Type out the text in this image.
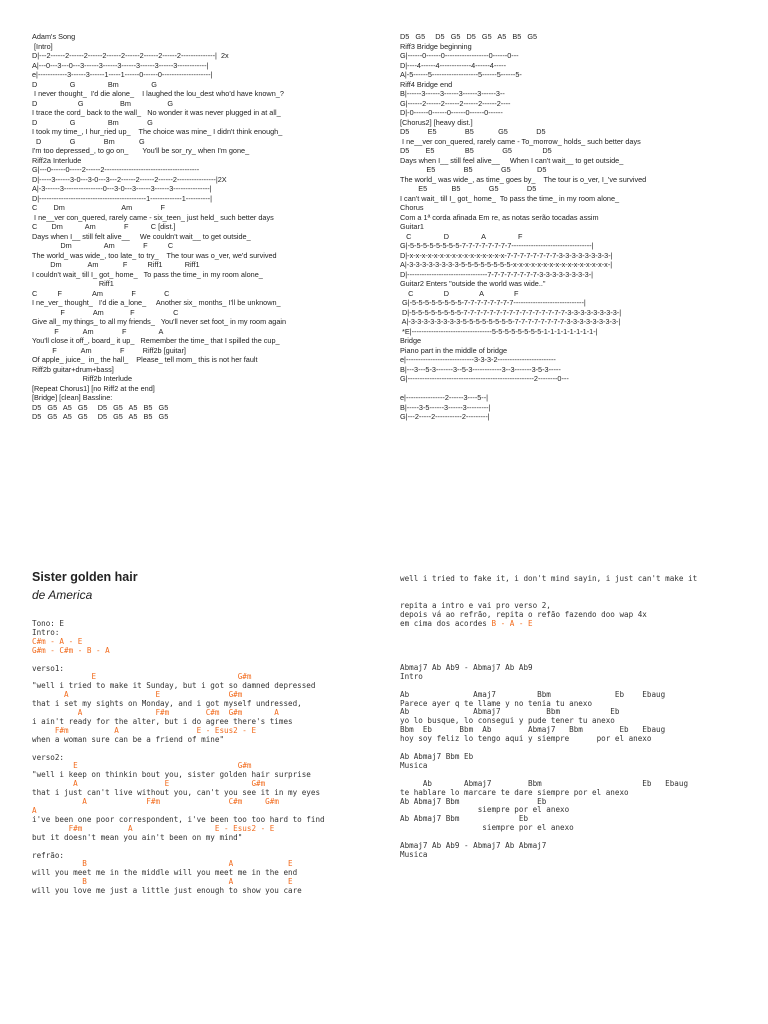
Adam's Song
[Intro]
D|---2------2------2------2------2------2------2------2--------------|  2x
A|---0---3---0---3------3------3------3------3------3------------|
e|------------3------3------1-----1------0------0--------------------|
D                G                Bm                G
I never thought_  I'd die alone_    I laughed the lou_dest who'd have known_?
D                    G                  Bm                  G
I trace the cord_ back to the wall_   No wonder it was never plugged in at all_
D                G                Bm              G
I took my time_, I hur_ried up_    The choice was mine_ I didn't think enough_
D              G              Bm            G
I'm too depressed_, to go on_       You'll be sor_ry_ when I'm gone_
Riff2a Interlude
G|---0------0-----2------2---------------------------------------
D|-----3------3-0---3-0---3---2------2------2------2----------------|2X
A|-3------3----------------0---3-0---3------3------3---------------|
D|--------------------------------------------1-------------1----------|
C        Dm                            Am              F
I ne__ver con_quered, rarely came - six_teen_ just held_ such better days
C       Dm           Am              F           C [dist.]
Days when I__ still felt alive__     We couldn't wait__ to get outside_
Dm                Am              F          C
The world_ was wide_, too late_ to try_    The tour was o_ver, we'd survived
Dm             Am            F          Riff1           Riff1
I couldn't wait_ till I_ got_ home_   To pass the time_ in my room alone_
Riff1
C          F               Am              F              C
I ne_ver_ thought_   I'd die a_lone_     Another six_ months_ I'll be unknown_
F              Am             F                   C
Give all_ my things_ to all my friends_   You'll never set foot_ in my room again
F            Am              F                A
You'll close it off_, board_ it up_   Remember the time_ that I spilled the cup_
F            Am              F         Riff2b [guitar]
Of apple_ juice_  in_ the hall_    Please_ tell mom_ this is not her fault
Riff2b guitar+drum+bass]
Riff2b Interlude
[Repeat Chorus1] [no Riff2 at the end]
[Bridge] [clean] Bassline:
D5   G5   A5   G5     D5   G5   A5   B5   G5
D5   G5   A5   G5     D5   G5   A5   B5   G5
D5   G5     D5   G5   D5   G5   A5   B5   G5
Riff3 Bridge beginning
G|------0------0------------------0------0---
D|----4------4-------------4------4-----
A|-5------5-------------------5------5------5-
Riff4 Bridge end
B|------3------3------3------3------3--
G|------2------2------2------2------2----
D|-0------0------0------0------0------
[Chorus2] [heavy dist.]
D5         E5              B5            G5              D5
I ne__ver con_quered, rarely came - To_morrow_ holds_ such better days
D5        E5               B5              G5               D5
Days when I__ still feel alive__     When I can't wait__ to get outside_
E5              B5              G5             D5
The world_ was wide_, as time_ goes by_    The tour is o_ver, I_'ve survived
E5            B5              G5              D5
I can't wait_ till I_ got_ home_  To pass the time_ in my room alone_
Chorus
Com a 1ª corda afinada Em re, as notas serão tocadas assim
Guitar1
C                D                A                F
G|-5-5-5-5-5-5-5-5-7-7-7-7-7-7-7-7---------------------------------|
D|-x-x-x-x-x-x-x-x-x-x-x-x-x-x-x-x-7-7-7-7-7-7-7-7-3-3-3-3-3-3-3-3-|
A|-3-3-3-3-3-3-3-3-5-5-5-5-5-5-5-5-x-x-x-x-x-x-x-x-x-x-x-x-x-x-x-x-|
D|---------------------------------7-7-7-7-7-7-7-7-3-3-3-3-3-3-3-3-|
Guitar2 Enters "outside the world was wide.."
C               D               A               F
G|-5-5-5-5-5-5-5-5-7-7-7-7-7-7-7-7-----------------------------|
D|-5-5-5-5-5-5-5-5-7-7-7-7-7-7-7-7-7-7-7-7-7-7-7-7-3-3-3-3-3-3-3-3-|
A|-3-3-3-3-3-3-3-3-5-5-5-5-5-5-5-5-7-7-7-7-7-7-7-7-3-3-3-3-3-3-3-3-|
*E|---------------------------------5-5-5-5-5-5-5-5-1-1-1-1-1-1-1-1-|
Bridge
Piano part in the middle of bridge
e|----------------------------3-3-3-2------------------------
B|---3---5-3-------3--5-3------------3--3-------3-5-3-----
G|----------------------------------------------------2--------0---
e|----------------2------3----5--|
B|-----3-5------3------3---------|
G|---2-----2-----------2---------|
Sister golden hair
de America
Tono: E
Intro:
C#m - A - E
G#m - C#m - B - A
verso1:
E                               G#m
"well i tried to make it Sunday, but i got so damned depressed
A                   E               G#m
that i set my sights on Monday, and i got myself undressed,
A                F#m        C#m  G#m       A
i ain't ready for the alter, but i do agree there's times
F#m          A                 E - Esus2 - E
when a woman sure can be a friend of mine"
verso2:
E                                   G#m
"well i keep on thinkin bout you, sister golden hair surprise
A                   E                  G#m
that i just can't live without you, can't you see it in my eyes
A             F#m               C#m     G#m
A
i've been one poor correspondent, i've been too too hard to find
F#m          A                  E - Esus2 - E
but it doesn't mean you ain't been on my mind"
refrão:
B                               A            E
will you meet me in the middle will you meet me in the end
B                               A            E
will you love me just a little just enough to show you care
well i tried to fake it, i don't mind sayin, i just can't make it
repita a intro e vai pro verso 2,
depois vá ao refrão, repita o refão fazendo doo wap 4x
em cima dos acordes B - A - E
Abmaj7 Ab Ab9 - Abmaj7 Ab Ab9
Intro
Ab              Amaj7         Bbm              Eb    Ebaug
Parece ayer q te llame y no tenia tu anexo
Ab              Abmaj7          Bbm           Eb
yo lo busque, lo consegui y pude tener tu anexo
Bbm  Eb      Bbm  Ab        Abmaj7   Bbm        Eb   Ebaug
hoy soy feliz lo tengo aqui y siempre      por el anexo
Ab Abmaj7 Bbm Eb
Musica
Ab       Abmaj7        Bbm                      Eb   Ebaug
te hablare lo marcare te dare siempre por el anexo
Ab Abmaj7 Bbm                 Eb
siempre por el anexo
Ab Abmaj7 Bbm             Eb
siempre por el anexo
Abmaj7 Ab Ab9 - Abmaj7 Ab Abmaj7
Musica
